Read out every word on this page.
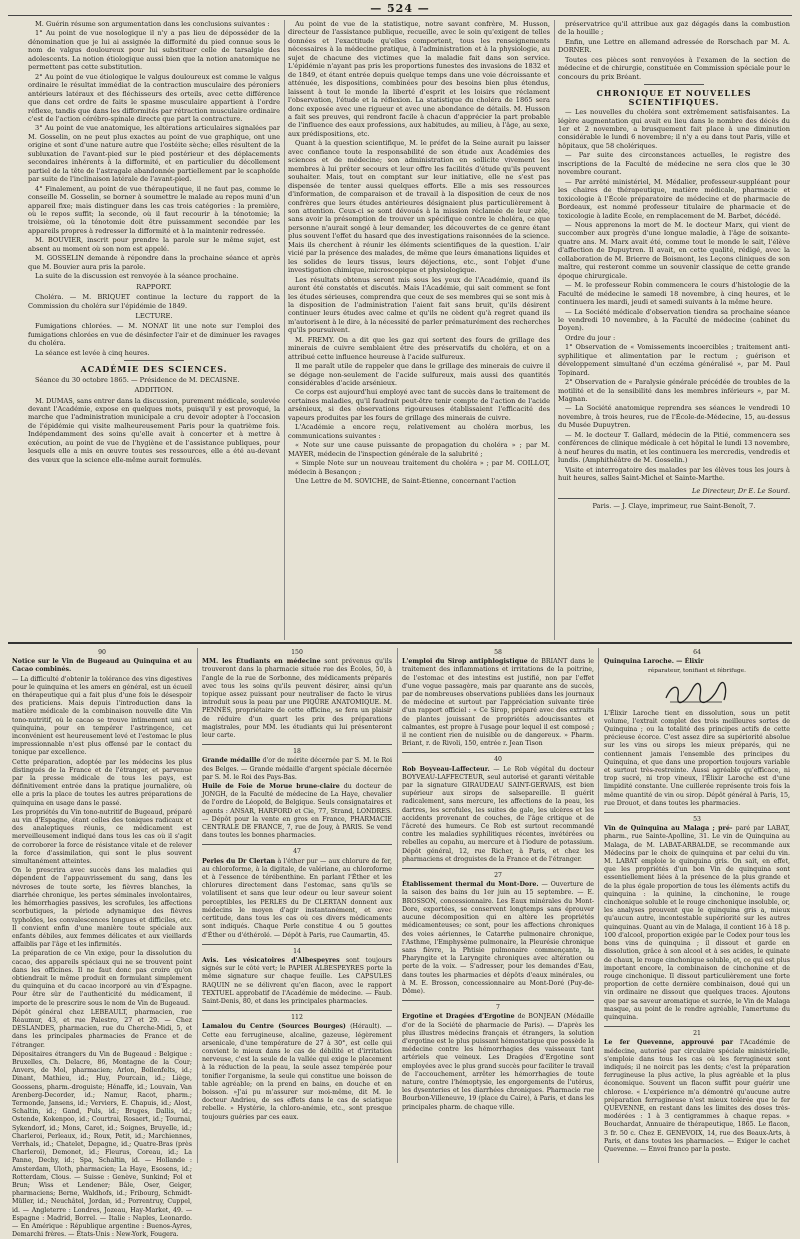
— 524 —

M. Guérin résume son argumentation dans les conclusions suivantes :

1° Au point de vue nosologique il n'y a pas lieu de déposséder de la dénomination que je lui ai assignée la difformité du pied connue sous le nom de valgus douloureux pour lui substituer celle de tarsalgie des adolescents. La notion étiologique aussi bien que la notion anatomique ne permettent pas cette substitution.

2° Au point de vue étiologique le valgus douloureux est comme le valgus ordinaire le résultat immédiat de la contraction musculaire des péroniers antérieurs latéraux et des fléchisseurs des orteils, avec cette différence que dans cet ordre de faits le spasme musculaire appartient à l'ordre réflexe, tandis que dans les difformités par rétraction musculaire ordinaire c'est de l'action cérébro-spinale directe que part la contracture.

3° Au point de vue anatomique, les altérations articulaires signalées par M. Gosselin, on ne peut plus exactes au point de vue graphique, ont une origine et sont d'une nature autre que l'ostéite sèche; elles résultent de la subluxation de l'avant-pied sur le pied postérieur et des déplacements secondaires inhérents à la difformité, et en particulier du décollement partiel de la tête de l'astragale abandonnée partiellement par le scaphoïde par suite de l'inclinaison latérale de l'avant-pied.

4° Finalement, au point de vue thérapeutique, il ne faut pas, comme le conseille M. Gosselin, se borner à soumettre le malade au repos muni d'un appareil fixe; mais distinguer dans les cas trois catégories : la première, où le repos suffit; la seconde, où il faut recourir à la ténotomie; la troisième, où la ténotomie doit être puissamment secondée par les appareils propres à redresser la difformité et à la maintenir redressée.

M. BOUVIER, inscrit pour prendre la parole sur le même sujet, est absent au moment où son nom est appelé.

M. GOSSELIN demande à répondre dans la prochaine séance et après que M. Bouvier aura pris la parole.

La suite de la discussion est renvoyée à la séance prochaine.

RAPPORT.

Choléra. — M. BRIQUET continue la lecture du rapport de la Commission du choléra sur l'épidémie de 1849.

LECTURE.

Fumigations chlorées. — M. NONAT lit une note sur l'emploi des fumigations chlorées en vue de désinfecter l'air et de diminuer les ravages du choléra.

La séance est levée à cinq heures.

ACADÉMIE DES SCIENCES.

Séance du 30 octobre 1865. — Présidence de M. DECAISNE.

ADDITION.

M. DUMAS, sans entrer dans la discussion, purement médicale, soulevée devant l'Académie, expose en quelques mots, puisqu'il y est provoqué, la marche que l'administration municipale a cru devoir adopter à l'occasion de l'épidémie qui visite malheureusement Paris pour la quatrième fois. Indépendamment des soins qu'elle avait à concerter et à mettre à exécution, au point de vue de l'hygiène et de l'assistance publiques, pour lesquels elle a mis en œuvre toutes ses ressources, elle a été au-devant des vœux que la science elle-même aurait formulés.

Au point de vue de la statistique, notre savant confrère, M. Husson, directeur de l'assistance publique, recueille, avec le soin qu'exigent de telles données et l'exactitude qu'elles comportent, tous les renseignements nécessaires à la médecine pratique, à l'administration et à la physiologie, au sujet de chacune des victimes que la maladie fait dans son service. L'épidémie n'ayant pas pris les proportions funestes des invasions de 1832 et de 1849, et étant entrée depuis quelque temps dans une voie décroissante et atténuée, les dispositions, combinées pour des besoins bien plus étendus, laissent à tout le monde la liberté d'esprit et les loisirs que réclament l'observation, l'étude et la réflexion. La statistique du choléra de 1865 sera donc exposée avec une rigueur et avec une abondance de détails. M. Husson a fait ses preuves, qui rendront facile à chacun d'apprécier la part probable de l'influence des eaux professions, aux habitudes, au milieu, à l'âge, au sexe, aux prédispositions, etc.

Quant à la question scientifique, M. le préfet de la Seine aurait pu laisser avec confiance toute la responsabilité de son étude aux Académies des sciences et de médecine; son administration en sollicite vivement les membres à lui prêter secours et leur offre les facilités d'étude qu'ils peuvent souhaiter. Mais, tout en comptant sur leur initiative, elle ne s'est pas dispensée de tenter aussi quelques efforts. Elle a mis ses ressources d'information, de comparaison et de travail à la disposition de ceux de nos confrères que leurs études antérieures désignaient plus particulièrement à son attention. Ceux-ci se sont dévoués à la mission réclamée de leur zèle, sans avoir la présomption de trouver un spécifique contre le choléra, ce que personne n'aurait songé à leur demander, les découvertes de ce genre étant plus souvent l'effet du hasard que des investigations raisonnées de la science. Mais ils cherchent à réunir les éléments scientifiques de la question. L'air vicié par la présence des malades, de même que leurs émanations liquides et les solides de leurs tissus, leurs déjections, etc., sont l'objet d'une investigation chimique, microscopique et physiologique.

Les résultats obtenus seront mis sous les yeux de l'Académie, quand ils auront été constatés et discutés. Mais l'Académie, qui sait comment se font les études sérieuses, comprendra que ceux de ses membres qui se sont mis à la disposition de l'administration l'aient fait sans bruit, qu'ils désirent continuer leurs études avec calme et qu'ils ne cèdent qu'à regret quand ils m'autorisent à le dire, à la nécessité de parler prématurément des recherches qu'ils poursuivent.

M. FREMY. On a dit que les gaz qui sortent des fours de grillage des minerais de cuivre semblaient être des préservatifs du choléra, et on a attribué cette influence heureuse à l'acide sulfureux.

Il me paraît utile de rappeler que dans le grillage des minerais de cuivre il se dégage non-seulement de l'acide sulfureux, mais aussi des quantités considérables d'acide arsénieux.

Ce corps est aujourd'hui employé avec tant de succès dans le traitement de certaines maladies, qu'il faudrait peut-être tenir compte de l'action de l'acide arsénieux, si des observations rigoureuses établissaient l'efficacité des vapeurs produites par les fours de grillage des minerais de cuivre.

L'Académie a encore reçu, relativement au choléra morbus, les communications suivantes :

« Note sur une cause puissante de propagation du choléra » ; par M. MAYER, médecin de l'inspection générale de la salubrité ;

« Simple Note sur un nouveau traitement du choléra » ; par M. COILLOT, médecin à Besançon ;

Une Lettre de M. SOVICHE, de Saint-Étienne, concernant l'action

préservatrice qu'il attribue aux gaz dégagés dans la combustion de la houille ;

Enfin, une Lettre en allemand adressée de Rorschach par M. A. DORNER.

Toutes ces pièces sont renvoyées à l'examen de la section de médecine et de chirurgie, constituée en Commission spéciale pour le concours du prix Bréant.

CHRONIQUE ET NOUVELLES SCIENTIFIQUES.

— Les nouvelles du choléra sont extrêmement satisfaisantes. La légère augmentation qui avait eu lieu dans le nombre des décès du 1er et 2 novembre, a brusquement fait place à une diminution considérable le lundi 6 novembre; il n'y a eu dans tout Paris, ville et hôpitaux, que 58 cholériques.

— Par suite des circonstances actuelles, le registre des inscriptions de la Faculté de médecine ne sera clos que le 30 novembre courant.

— Par arrêté ministériel, M. Médalier, professeur-suppléant pour les chaires de thérapeutique, matière médicale, pharmacie et toxicologie à l'École préparatoire de médecine et de pharmacie de Bordeaux, est nommé professeur titulaire de pharmacie et de toxicologie à ladite École, en remplacement de M. Barbet, décédé.

— Nous apprenons la mort de M. le docteur Marx, qui vient de succomber aux progrès d'une longue maladie, à l'âge de soixante-quatre ans. M. Marx avait été, comme tout le monde le sait, l'élève d'affection de Dupuytren. Il avait, en cette qualité, rédigé, avec la collaboration de M. Brierre de Boismont, les Leçons cliniques de son maître, qui resteront comme un souvenir classique de cette grande époque chirurgicale.

— M. le professeur Robin commencera le cours d'histologie de la Faculté de médecine le samedi 18 novembre, à cinq heures, et le continuera les mardi, jeudi et samedi suivants à la même heure.

— La Société médicale d'observation tiendra sa prochaine séance le vendredi 10 novembre, à la Faculté de médecine (cabinet du Doyen).

Ordre du jour :

1° Observation de « Vomissements incoercibles ; traitement anti-syphilitique et alimentation par le rectum ; guérison et développement simultané d'un eczéma généralisé », par M. Paul Topinard.

2° Observation de « Paralysie générale précédée de troubles de la motilité et de la sensibilité dans les membres inférieurs », par M. Magnan.

— La Société anatomique reprendra ses séances le vendredi 10 novembre, à trois heures, rue de l'École-de-Médecine, 15, au-dessus du Musée Dupuytren.

— M. le docteur T. Gallard, médecin de la Pitié, commencera ses conférences de clinique médicale à cet hôpital le lundi 13 novembre, à neuf heures du matin, et les continuera les mercredis, vendredis et lundis. (Amphithéâtre de M. Gosselin.)

Visite et interrogatoire des malades par les élèves tous les jours à huit heures, salles Saint-Michel et Sainte-Marthe.

Le Directeur, Dr E. Le Sourd.
Paris. — J. Claye, imprimeur, rue Saint-Benoît, 7.
90

Notice sur le Vin de Bugeaud au Quinquina et au Cacao combinés.

— La difficulté d'obtenir la tolérance des vins digestives pour le quinquina et les amers en général, est un écueil en thérapeutique qui a fait plus d'une fois le désespoir des praticiens. Mais depuis l'introduction dans la matière médicale de la combinaison nouvelle dite Vin tono-nutritif, où le cacao se trouve intimement uni au quinquina, pour en tempérer l'astringence, cet inconvénient est heureusement levé et l'estomac le plus impressionnable n'est plus offensé par le contact du tonique par excellence.

Cette préparation, adoptée par les médecins les plus distingués de la France et de l'étranger, et parvenue par la presse médicale de tous les pays, est définitivement entrée dans la pratique journalière, où elle a pris la place de toutes les autres préparations de quinquina en usage dans le passé.

Les propriétés du Vin tono-nutritif de Bugeaud, préparé au vin d'Espagne, étant celles des toniques radicaux et des analeptiques réunis, ce médicament est merveilleusement indiqué dans tous les cas où il s'agit de corroborer la force de résistance vitale et de relever la force d'assimilation, qui sont le plus souvent simultanément atteintes.

On le prescrira avec succès dans les maladies qui dépendent de l'appauvrissement du sang, dans les névroses de toute sorte, les fièvres blanches, la diarrhée chronique, les pertes séminales involontaires, les hémorrhagies passives, les scrofules, les affections scorbutiques, la période adynamique des fièvres typhoïdes, les convalescences longues et difficiles, etc. Il convient enfin d'une manière toute spéciale aux enfants débiles, aux femmes délicates et aux vieillards affaiblis par l'âge et les infirmités.

La préparation de ce Vin exige, pour la dissolution du cacao, des appareils spéciaux qui ne se trouvent point dans les officines. Il ne faut donc pas croire qu'on obtiendrait le même produit en formulant simplement du quinquina et du cacao incorporé au vin d'Espagne. Pour être sûr de l'authenticité du médicament, il importe de le prescrire sous le nom de Vin de Bugeaud.

Dépôt général chez LEBEAULT, pharmacien, rue Réaumur, 43, et rue Palestro, 27 et 29. — Chez DESLANDES, pharmacien, rue du Cherche-Midi, 5, et dans les principales pharmacies de France et de l'étranger.

Dépositaires étrangers du Vin de Bugeaud : Belgique : Bruxelles, Ch. Delacre, 86, Montagne de la Cour; Anvers, de Mol, pharmacien; Arlon, Bollenfelts, id.; Dinant, Mathieu, id.; Huy, Pourcain, id.; Liège, Goossens, pharm.-droguiste; Hénaffe, id.; Louvain, Van Arenberg-Decorder, id.; Namur, Racot, pharm.; Termonde, Jansens, id.; Verviers, E. Chapuis, id.; Alost, Schaltin, id.; Gand, Puls, id.; Bruges, Dallis, id.; Ostende, Kokenpoo, id.; Courtrai, Rosaert, id.; Tournai, Sykendorf, id.; Mons, Caret, id.; Soignes, Bruyelle, id.; Charleroi, Perleaux, id.; Roux, Petit, id.; Marchiennes, Verrhals, id.; Chatelet, Depagne, id.; Quatre-Bras (près Charleroi), Demonet, id.; Fleurus, Coreau, id.; La Panne, Dechy, id.; Spa, Schaltin, id. — Hollande : Amsterdam, Uloth, pharmacien; La Haye, Esosens, id.; Rotterdam, Clous. — Suisse : Genève, Sunkind; Fol et Brun; Wiss et Lendener; Bâle, Oser, Geiger, pharmaciens; Berne, Waldhofs, id.; Fribourg, Schmidt-Müller, id.; Neuchâtel, Jordan, id.; Porrentruy, Cuppel, id. — Angleterre : Londres, Jozeau, Hay-Market, 49. — Espagne : Madrid, Borrel. — Italie : Naples, Leonardo. — En Amérique : République argentine : Buenos-Ayres, Demarchi frères. — États-Unis : New-York, Fougera.

150

MM. les Étudiants en médecine sont prévenus qu'ils trouveront dans la pharmacie située rue des Écoles, 50, à l'angle de la rue de Sorbonne, des médicaments préparés avec tous les soins qu'ils peuvent désirer, ainsi qu'un topique assez puissant pour neutraliser de facto le virus introduit sous la peau par une PIQÛRE ANATOMIQUE. M. PENNÈS, propriétaire de cette officine, se fera un plaisir de réduire d'un quart les prix des préparations magistrales, pour MM. les étudiants qui lui présenteront leur carte.

18

Grande médaille d'or de mérite décernée par S. M. le Roi des Belges. — Grande médaille d'argent spéciale décernée par S. M. le Roi des Pays-Bas.

Huile de Foie de Morue brune-claire du docteur de JONGH, de la Faculté de médecine de La Haye, chevalier de l'ordre de Léopold, de Belgique. Seuls consignataires et agents : ANSAR, HARFORD et Cie, 77, Strand, LONDRES. — Dépôt pour la vente en gros en France, PHARMACIE CENTRALE DE FRANCE, 7, rue de Jouy, à PARIS. Se vend dans toutes les bonnes pharmacies.

47

Perles du Dr Clertan à l'éther pur — aux chlorure de fer, au chloroforme, à la digitale, de valériane, au chloroforme et à l'essence de térébenthine. En parlant l'Éther et les chlorures directement dans l'estomac, sans qu'ils se volatilisent et sans que leur odeur ou leur saveur soient perceptibles, les PERLES du Dr CLERTAN donnent aux médecins le moyen d'agir instantanément, et avec certitude, dans tous les cas où ces divers médicaments sont indiqués. Chaque Perle constitue 4 ou 5 gouttes d'Éther ou d'éthérolé. — Dépôt à Paris, rue Caumartin, 45.

14

Avis. Les vésicatoires d'Albespeyres sont toujours signés sur le côté vert; le PAPIER ALBESPEYRES porte la même signature sur chaque feuille. Les CAPSULES RAQUIN ne se délivrent qu'en flacon, avec le rapport TEXTUEL approbatif de l'Académie de médecine. — Faub. Saint-Denis, 80, et dans les principales pharmacies.

112

Lamalou du Centre (Sources Bourges) (Hérault). — Cette eau ferrugineuse, alcaline, gazeuse, légèrement arsenicale, d'une température de 27 à 30°, est celle qui convient le mieux dans le cas de débilité et d'irritation nerveuse, c'est la seule de la vallée qui exige le placement à la réduction de la peau, la seule assez tempérée pour tonifier l'organisme, la seule qui constitue une boisson de table agréable; on la prend en bains, en douche et en boisson. »J'ai pu m'assurer sur moi-même, dit M. le docteur Andrieu, de ses effets dans le cas de sciatique rebelle. » Hystérie, la chloro-anémie, etc., sont presque toujours guéries par ces eaux.

58

L'emploi du Sirop antiphlogistique de BRIANT dans le traitement des inflammations et irritations de la poitrine, de l'estomac et des intestins est justifié, non par l'effet d'une vogue passagère, mais par quarante ans de succès, par de nombreuses observations publiées dans les journaux de médecine et surtout par l'appréciation suivante tirée d'un rapport officiel : « Ce Sirop, préparé avec des extraits de plantes jouissant de propriétés adoucissantes et calmantes, est propre à l'usage pour lequel il est composé ; il ne contient rien de nuisible ou de dangereux. » Pharm. Briant, r. de Rivoli, 150, entrée r. Jean Tison

40

Rob Boyveau-Laffecteur. — Le Rob végétal du docteur BOYVEAU-LAFFECTEUR, seul autorisé et garanti véritable par la signature GIRAUDEAU SAINT-GERVAIS, est bien supérieur aux sirops de salsepareille. Il guérit radicalement, sans mercure, les affections de la peau, les dartres, les scrofules, les suites de gale, les ulcères et les accidents provenant de couches, de l'âge critique et de l'âcreté des humeurs. Ce Rob est surtout recommandé contre les maladies syphilitiques récentes, invétérées ou rebelles au copahu, au mercure et à l'iodure de potassium. Dépôt général, 12, rue Richer, à Paris, et chez les pharmaciens et droguistes de la France et de l'étranger.

27

Établissement thermal du Mont-Dore. — Ouverture de la saison des bains du 1er juin au 15 septembre. — E. BROSSON, concessionnaire. Les Eaux minérales du Mont-Dore, exportées, se conservent longtemps sans éprouver aucune décomposition qui en altère les propriétés médicamenteuses; ce sont, pour les affections chroniques des voies aériennes, le Catarrhe pulmonaire chronique, l'Asthme, l'Emphysème pulmonaire, la Pleurésie chronique sans fièvre, la Phtisie pulmonaire commençante, la Pharyngite et la Laryngite chroniques avec altération ou perte de la voix. — S'adresser, pour les demandes d'Eau, dans toutes les pharmacies et dépôts d'eaux minérales, ou à M. E. Brosson, concessionnaire au Mont-Doré (Puy-de-Dôme).

7

Ergotine et Dragées d'Ergotine de BONJEAN (Médaille d'or de la Société de pharmacie de Paris). — D'après les plus illustres médecins français et étrangers, la solution d'ergotine est le plus puissant hémostatique que possède la médecine contre les hémorrhagies des vaisseaux tant artériels que veineux. Les Dragées d'Ergotine sont employées avec le plus grand succès pour faciliter le travail de l'accouchement, arrêter les hémorrhagies de toute nature, contre l'hémoptysie, les engorgements de l'utérus, les dysenteries et les diarrhées chroniques. Pharmacie rue Bourbon-Villeneuve, 19 (place du Caire), à Paris, et dans les principales pharm. de chaque ville.

64

Quinquina Laroche. — Élixir

réparateur, tonifiant et fébrifuge.

L'Élixir Laroche tient en dissolution, sous un petit volume, l'extrait complet des trois meilleures sortes de Quinquina ; ou la totalité des principes actifs de cette précieuse écorce. C'est assez dire sa supériorité absolue sur les vins ou sirops les mieux préparés, qui ne contiennent jamais l'ensemble des principes du Quinquina, et que dans une proportion toujours variable et surtout très-restreinte. Aussi agréable qu'efficace, ni trop sucré, ni trop vineux, l'Élixir Laroche est d'une limpidité constante. Une cuillerée représente trois fois la même quantité de vin ou sirop. Dépôt général à Paris, 15, rue Drouot, et dans toutes les pharmacies.

53

Vin de Quinquina au Malaga ; pré- paré par LABAT, pharm., rue Sainte-Apolline, 31. Le vin de Quinquina au Malaga, de M. LABAT-ARBALDE, se recommande aux Médecins par le choix de quinquina et par celui du vin. M. LABAT emploie le quinquina gris. On sait, en effet, que les propriétés d'un bon Vin de quinquina sont essentiellement liées à la présence de la plus grande et de la plus égale proportion de tous les éléments actifs du quinquina : la quinine, la cinchonine, le rouge cinchonique soluble et le rouge cinchonique insoluble, or, les analyses prouvent que le quinquina gris a, mieux qu'aucun autre, incontestable supériorité sur les autres quinquinas. Quant au vin de Malaga, il contient 16 à 18 p. 100 d'alcool, proportion exigée par le Codex pour tous les bons vins de quinquina ; il dissout et garde en dissolution, grâce à son alcool et à ses acides, le quinate de chaux, le rouge cinchonique soluble, et, ce qui est plus important encore, la combinaison de cinchonine et de rouge cinchonique. Il dissout particulièrement une forte proportion de cette dernière combinaison, doué qui un vin ordinaire ne dissout que quelques traces. Ajoutons que par sa saveur aromatique et sucrée, le Vin de Malaga masque, au point de le rendre agréable, l'amertume du quinquina.

21

Le fer Quevenne, approuvé par l'Académie de médecine, autorisé par circulaire spéciale ministérielle, s'emploie dans tous les cas où les ferrugineux sont indiqués; il ne noircit pas les dents; c'est la préparation ferrugineuse la plus active, la plus agréable et la plus économique. Souvent un flacon suffit pour guérir une chlorose. « L'expérience m'a démontré qu'aucune autre préparation ferrugineuse n'est mieux tolérée que le fer QUEVENNE, en restant dans les limites des doses très-modérées : 1 à 3 centigrammes à chaque repas. » Bouchardat, Annuaire de thérapeutique, 1865. Le flacon, 3 fr. 50 c. Chez E. GENEVOIX, 14, rue des Beaux-Arts, à Paris, et dans toutes les pharmacies. — Exiger le cachet Quevenne. — Envoi franco par la poste.
